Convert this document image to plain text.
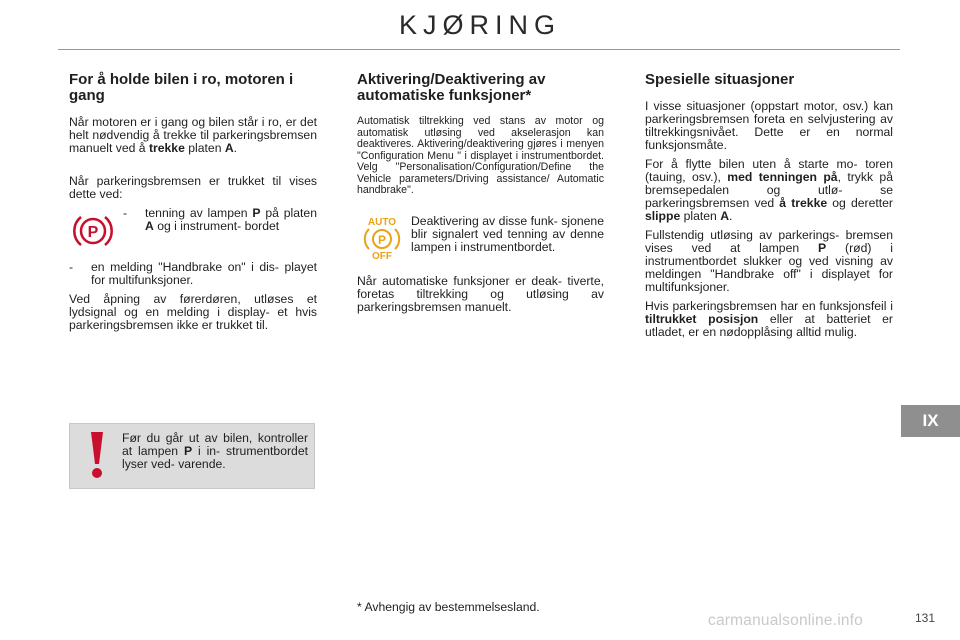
KJØRING
For å holde bilen i ro, motoren i gang

Når motoren er i gang og bilen står i ro, er det helt nødvendig å trekke til parkeringsbremsen manuelt ved å trekke platen A.

Når parkeringsbremsen er trukket til vises dette ved:

P
-	tenning av lampen P på platen A og i instrument- bordet
-	en melding "Handbrake on" i dis- playet for multifunksjoner.

Ved åpning av førerdøren, utløses et lydsignal og en melding i display- et hvis parkeringsbremsen ikke er trukket til.

Før du går ut av bilen, kontroller at lampen P i in- strumentbordet lyser ved- varende.
Aktivering/Deaktivering av automatiske funksjoner*

Automatisk tiltrekking ved stans av motor og automatisk utløsing ved akselerasjon kan deaktiveres. Aktivering/deaktivering gjøres i menyen "Configuration Menu " i displayet i instrumentbordet. Velg "Personalisation/Configuration/Define the Vehicle parameters/Driving assistance/ Automatic handbrake".

AUTO
P
OFF

Deaktivering av disse funk- sjonene blir signalert ved tenning av denne lampen i instrumentbordet.

Når automatiske funksjoner er deak- tiverte, foretas tiltrekking og utløsing av parkeringsbremsen manuelt.

Spesielle situasjoner

I visse situasjoner (oppstart motor, osv.) kan parkeringsbremsen foreta en selvjustering av tiltrekkingsnivået. Dette er en normal funksjonsmåte.

For å flytte bilen uten å starte mo- toren (tauing, osv.), med tenningen på, trykk på bremsepedalen og utlø- se parkeringsbremsen ved å trekke og deretter slippe platen A.

Fullstendig utløsing av parkerings- bremsen vises ved at lampen P (rød) i instrumentbordet slukker og ved visning av meldingen "Handbrake off" i displayet for multifunksjoner.

Hvis parkeringsbremsen har en funksjonsfeil i tiltrukket posisjon eller at batteriet er utladet, er en nødopplåsing alltid mulig.

* Avhengig av bestemmelsesland.
IX
carmanualsonline.info	131
